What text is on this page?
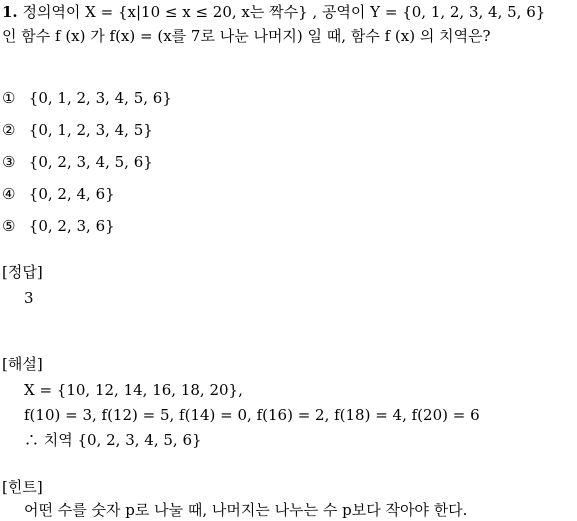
1. 정의역이 X = {x|10 ≤ x ≤ 20, x는 짝수} , 공역이 Y = {0, 1, 2, 3, 4, 5, 6}
인 함수 f (x) 가 f(x) = (x를 7로 나눈 나머지) 일 때, 함수 f (x) 의 치역은?
① {0, 1, 2, 3, 4, 5, 6}
② {0, 1, 2, 3, 4, 5}
③ {0, 2, 3, 4, 5, 6}
④ {0, 2, 4, 6}
⑤ {0, 2, 3, 6}
[정답]
3
[해설]
X = {10, 12, 14, 16, 18, 20},
f(10) = 3, f(12) = 5, f(14) = 0, f(16) = 2, f(18) = 4, f(20) = 6
∴ 치역 {0, 2, 3, 4, 5, 6}
[힌트]
어떤 수를 숫자 p로 나눌 때, 나머지는 나누는 수 p보다 작아야 한다.
